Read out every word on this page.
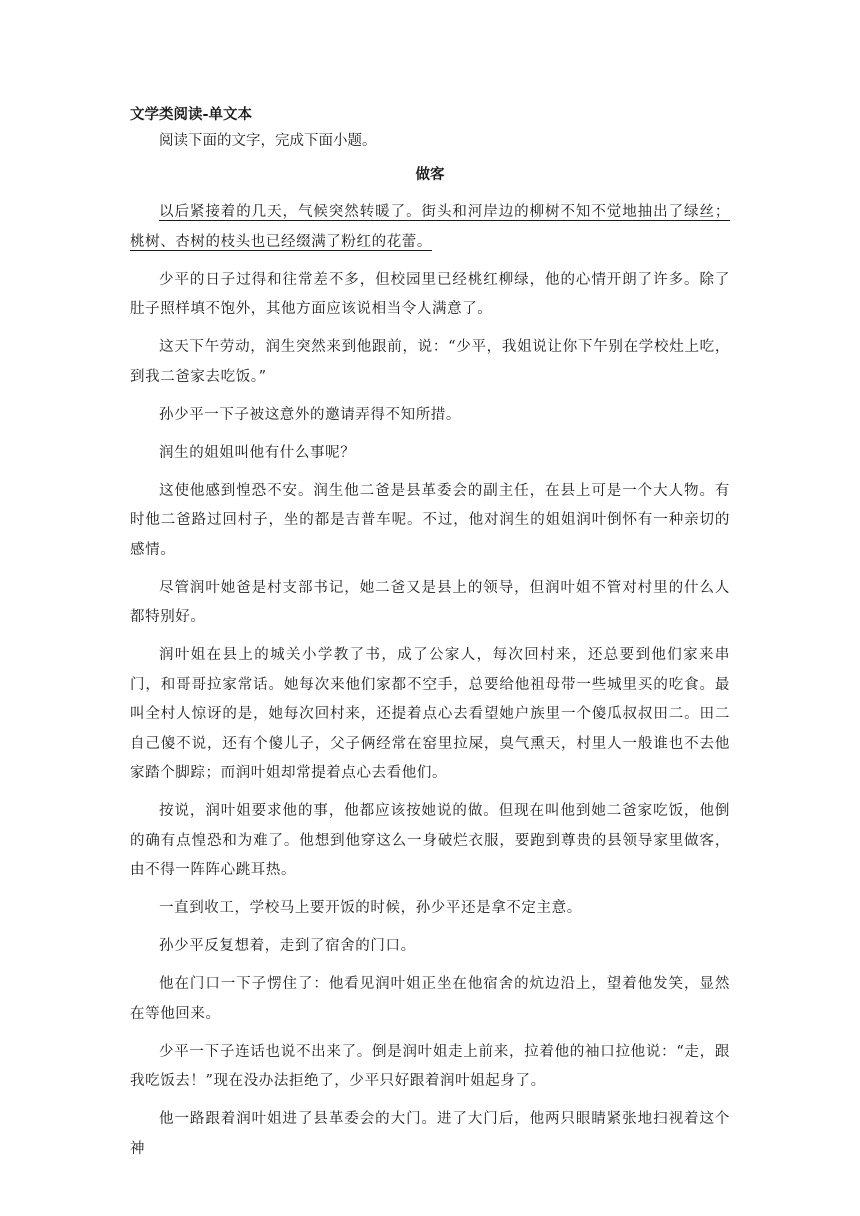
文学类阅读-单文本

阅读下面的文字，完成下面小题。

做客

以后紧接着的几天，气候突然转暖了。街头和河岸边的柳树不知不觉地抽出了绿丝；桃树、杏树的枝头也已经缀满了粉红的花蕾。

少平的日子过得和往常差不多，但校园里已经桃红柳绿，他的心情开朗了许多。除了肚子照样填不饱外，其他方面应该说相当令人满意了。

这天下午劳动，润生突然来到他跟前，说：“少平，我姐说让你下午别在学校灶上吃，到我二爸家去吃饭。”

孙少平一下子被这意外的邀请弄得不知所措。

润生的姐姐叫他有什么事呢？

这使他感到惶恐不安。润生他二爸是县革委会的副主任，在县上可是一个大人物。有时他二爸路过回村子，坐的都是吉普车呢。不过，他对润生的姐姐润叶倒怀有一种亲切的感情。

尽管润叶她爸是村支部书记，她二爸又是县上的领导，但润叶姐不管对村里的什么人都特别好。

润叶姐在县上的城关小学教了书，成了公家人，每次回村来，还总要到他们家来串门，和哥哥拉家常话。她每次来他们家都不空手，总要给他祖母带一些城里买的吃食。最叫全村人惊讶的是，她每次回村来，还提着点心去看望她户族里一个傻瓜叔叔田二。田二自己傻不说，还有个傻儿子，父子俩经常在窑里拉屎，臭气熏天，村里人一般谁也不去他家踏个脚踪；而润叶姐却常提着点心去看他们。

按说，润叶姐要求他的事，他都应该按她说的做。但现在叫他到她二爸家吃饭，他倒的确有点惶恐和为难了。他想到他穿这么一身破烂衣服，要跑到尊贵的县领导家里做客，由不得一阵阵心跳耳热。

一直到收工，学校马上要开饭的时候，孙少平还是拿不定主意。

孙少平反复想着，走到了宿舍的门口。

他在门口一下子愣住了：他看见润叶姐正坐在他宿舍的炕边沿上，望着他发笑，显然在等他回来。

少平一下子连话也说不出来了。倒是润叶姐走上前来，拉着他的袖口拉他说：“走，跟我吃饭去！”现在没办法拒绝了，少平只好跟着润叶姐起身了。

他一路跟着润叶姐进了县革委会的大门。进了大门后，他两只眼睛紧张地扫视着这个神
